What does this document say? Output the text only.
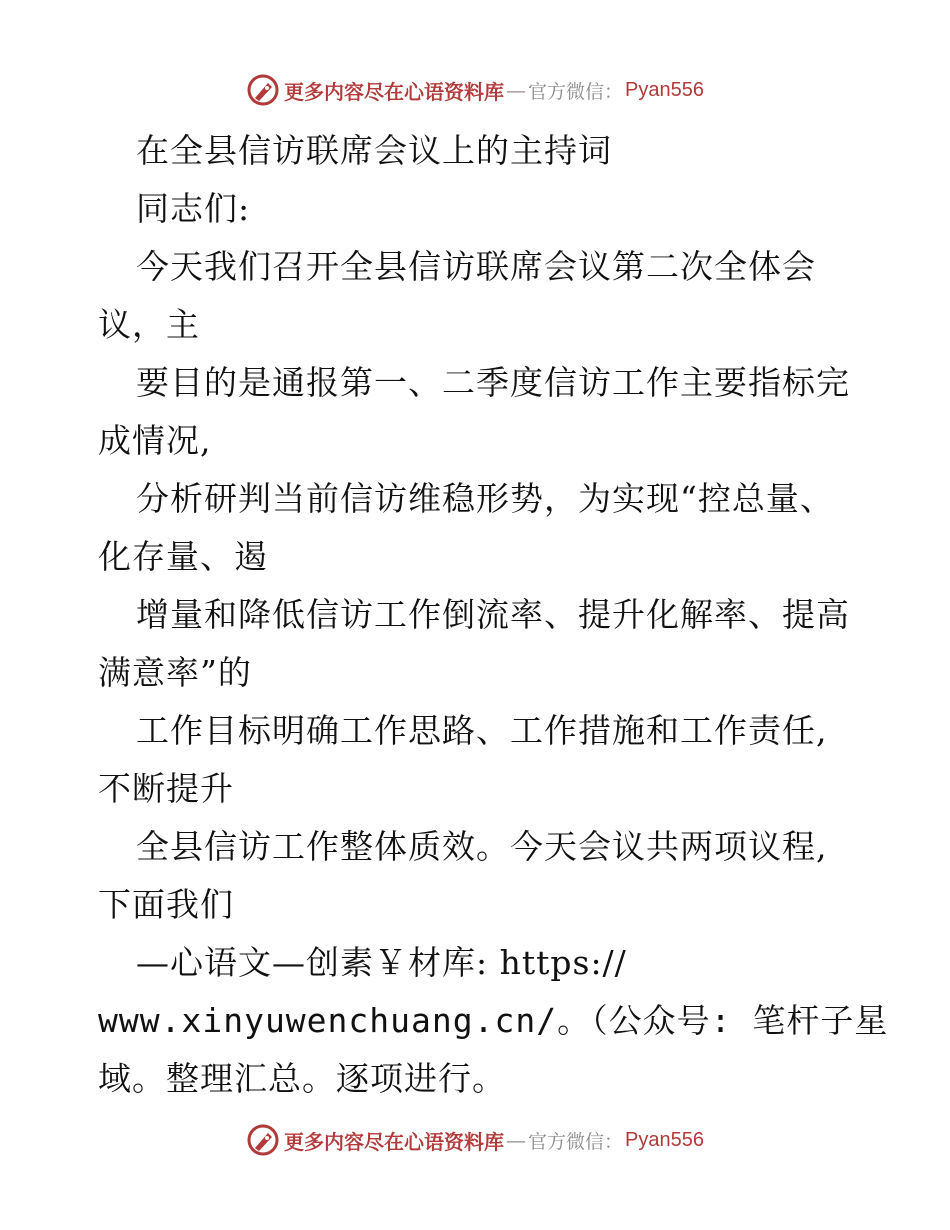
更多内容尽在心语资料库 — 官方微信： Pyan556
在全县信访联席会议上的主持词
同志们:
今天我们召开全县信访联席会议第二次全体会
议，主
要目的是通报第一、二季度信访工作主要指标完
成情况,
分析研判当前信访维稳形势，为实现“控总量、
化存量、遏
增量和降低信访工作倒流率、提升化解率、提高
满意率”的
工作目标明确工作思路、工作措施和工作责任,
不断提升
全县信访工作整体质效。今天会议共两项议程,
下面我们
—心语文—创素￥材库: https://
www.xinyuwenchuang.cn/。（公众号: 笔杆子星
域。整理汇总。逐项进行。
更多内容尽在心语资料库 — 官方微信： Pyan556
